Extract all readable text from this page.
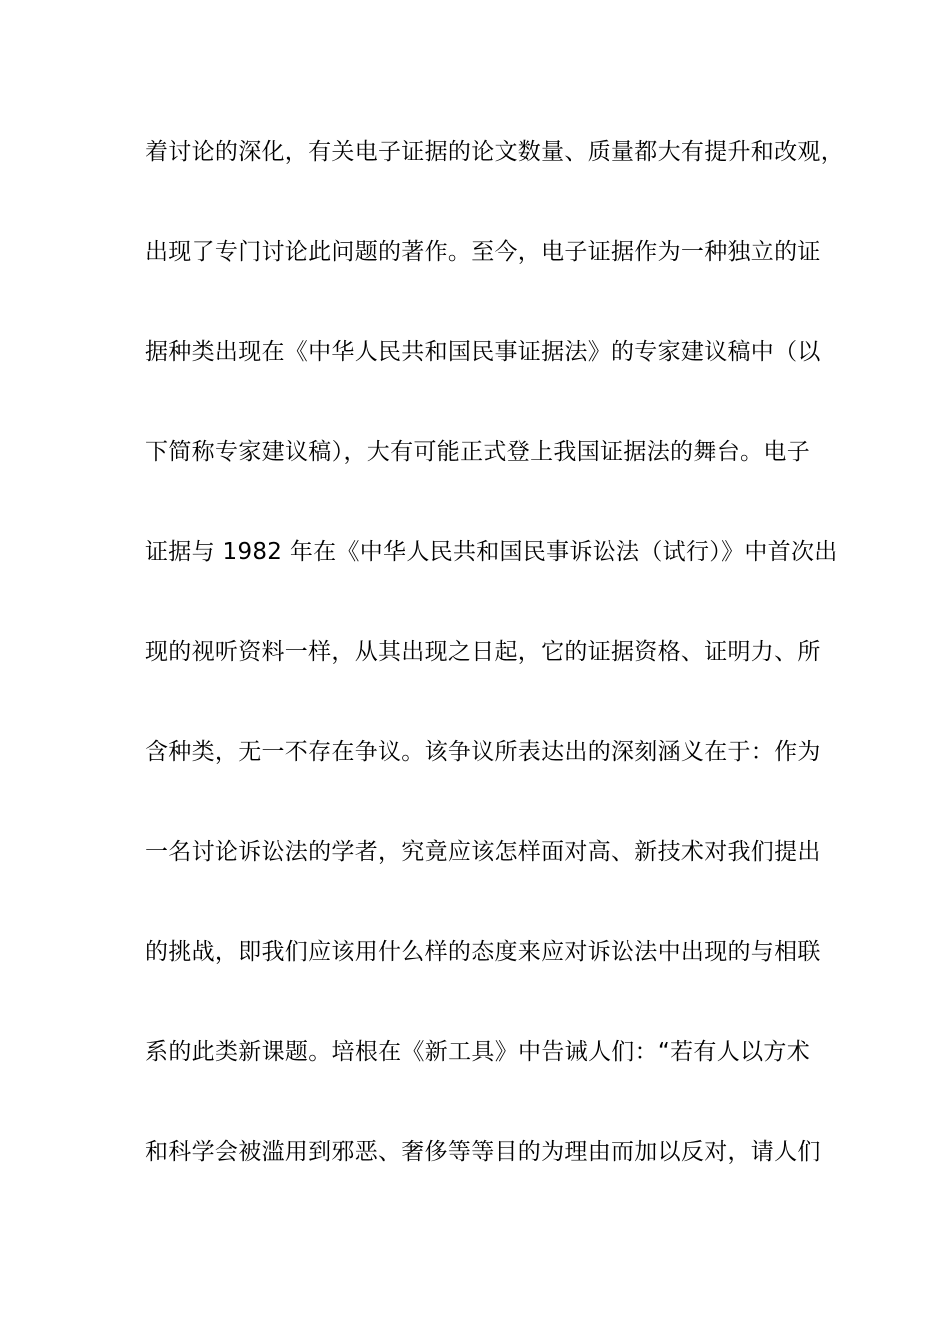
着讨论的深化，有关电子证据的论文数量、质量都大有提升和改观，
出现了专门讨论此问题的著作。至今，电子证据作为一种独立的证
据种类出现在《中华人民共和国民事证据法》的专家建议稿中（以
下简称专家建议稿），大有可能正式登上我国证据法的舞台。电子
证据与 1982 年在《中华人民共和国民事诉讼法（试行）》中首次出
现的视听资料一样，从其出现之日起，它的证据资格、证明力、所
含种类，无一不存在争议。该争议所表达出的深刻涵义在于：作为
一名讨论诉讼法的学者，究竟应该怎样面对高、新技术对我们提出
的挑战，即我们应该用什么样的态度来应对诉讼法中出现的与相联
系的此类新课题。培根在《新工具》中告诫人们：“若有人以方术
和科学会被滥用到邪恶、奢侈等等目的为理由而加以反对，请人们
